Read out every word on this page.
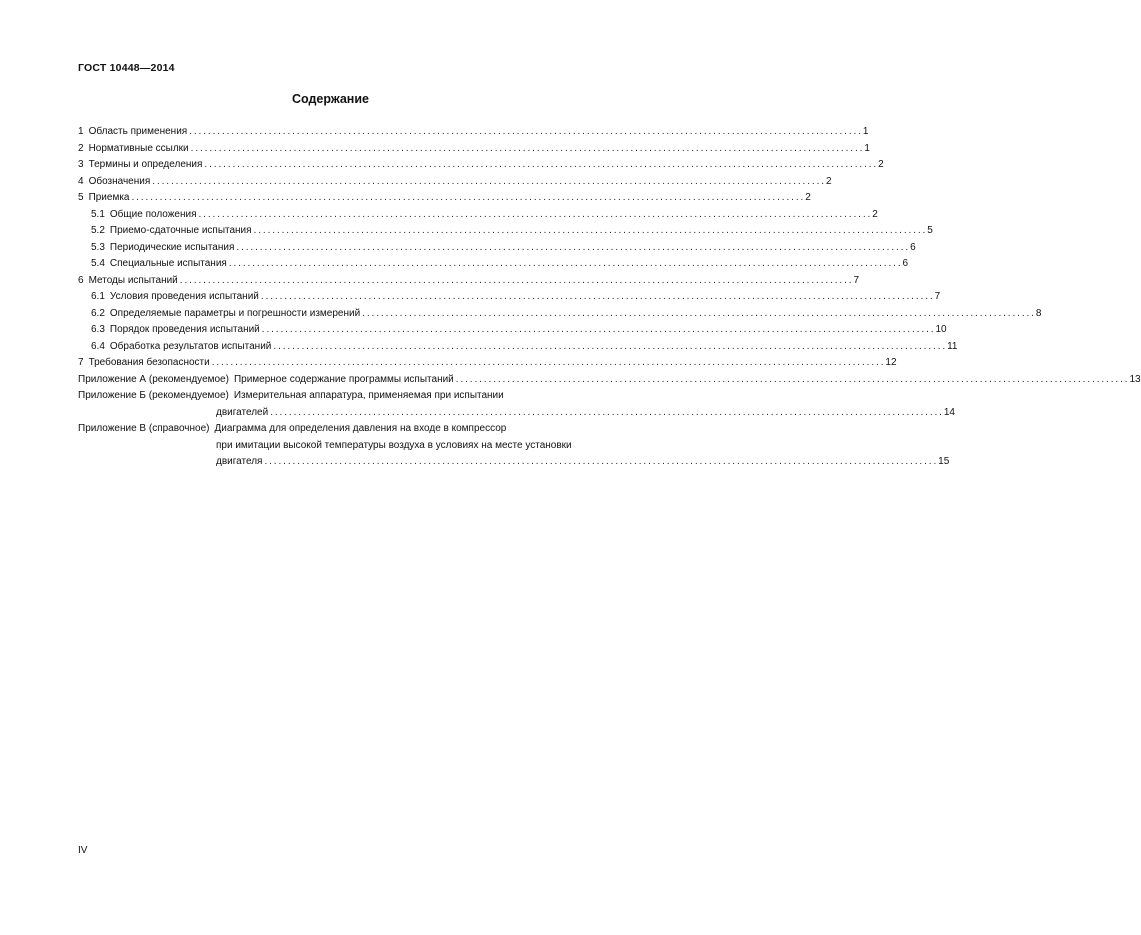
ГОСТ 10448—2014
Содержание
1 Область применения ................................................................................................................................................ 1
2 Нормативные ссылки ................................................................................................................................................ 1
3 Термины и определения ................................................................................................................................................ 2
4 Обозначения ................................................................................................................................................ 2
5 Приемка ................................................................................................................................................ 2
5.1 Общие положения ................................................................................................................................................ 2
5.2 Приемо-сдаточные испытания ................................................................................................................................................ 5
5.3 Периодические испытания ................................................................................................................................................ 6
5.4 Специальные испытания ................................................................................................................................................ 6
6 Методы испытаний ................................................................................................................................................ 7
6.1 Условия проведения испытаний ................................................................................................................................................ 7
6.2 Определяемые параметры и погрешности измерений ................................................................................................................................................ 8
6.3 Порядок проведения испытаний ................................................................................................................................................ 10
6.4 Обработка результатов испытаний ................................................................................................................................................ 11
7 Требования безопасности ................................................................................................................................................ 12
Приложение А (рекомендуемое) Примерное содержание программы испытаний ................................................................................................................................................ 13
Приложение Б (рекомендуемое) Измерительная аппаратура, применяемая при испытании
двигателей ................................................................................................................................................ 14
Приложение В (справочное) Диаграмма для определения давления на входе в компрессор
при имитации высокой температуры воздуха в условиях на месте установки
двигателя ................................................................................................................................................ 15
IV
